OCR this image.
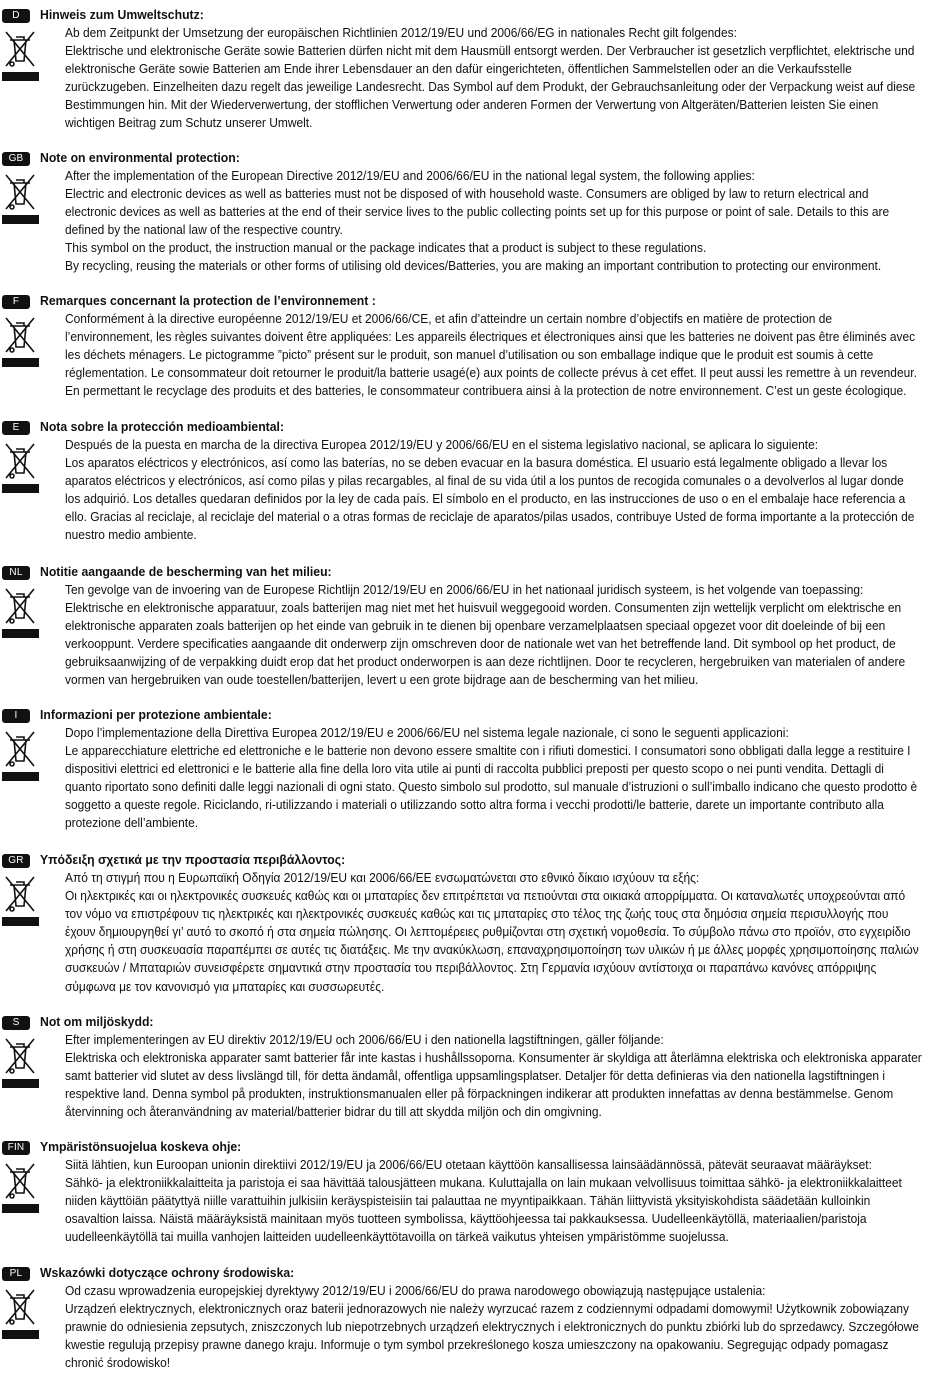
D	Hinweis zum Umweltschutz:

Ab dem Zeitpunkt der Umsetzung der europäischen Richtlinien 2012/19/EU und 2006/66/EG in nationales Recht gilt folgendes:

Elektrische und elektronische Geräte sowie Batterien dürfen nicht mit dem Hausmüll entsorgt werden. Der Verbraucher ist gesetzlich verpflichtet, elektrische und elektronische Geräte sowie Batterien am Ende ihrer Lebensdauer an den dafür eingerichteten, öffentlichen Sammelstellen oder an die Verkaufsstelle zurückzugeben. Einzelheiten dazu regelt das jeweilige Landesrecht. Das Symbol auf dem Produkt, der Gebrauchsanleitung oder der Verpackung weist auf diese Bestimmungen hin. Mit der Wiederverwertung, der stofflichen Verwertung oder anderen Formen der Verwertung von Altgeräten/Batterien leisten Sie einen wichtigen Beitrag zum Schutz unserer Umwelt.

GB	Note on environmental protection:

After the implementation of the European Directive 2012/19/EU and 2006/66/EU in the national legal system, the following applies:

Electric and electronic devices as well as batteries must not be disposed of with household waste. Consumers are obliged by law to return electrical and electronic devices as well as batteries at the end of their service lives to the public collecting points set up for this purpose or point of sale. Details to this are defined by the national law of the respective country.

This symbol on the product, the instruction manual or the package indicates that a product is subject to these regulations.

By recycling, reusing the materials or other forms of utilising old devices/Batteries, you are making an important contribution to protecting our environment.

F	Remarques concernant la protection de l’environnement :

Conformément à la directive européenne 2012/19/EU et 2006/66/CE, et afin d’atteindre un certain nombre d’objectifs en matière de protection de l’environnement, les règles suivantes doivent être appliquées: Les appareils électriques et électroniques ainsi que les batteries ne doivent pas être éliminés avec les déchets ménagers. Le pictogramme ”picto” présent sur le produit, son manuel d’utilisation ou son emballage indique que le produit est soumis à cette réglementation. Le consommateur doit retourner le produit/la batterie usagé(e) aux points de collecte prévus à cet effet. Il peut aussi les remettre à un revendeur. En permettant le recyclage des produits et des batteries, le consommateur contribuera ainsi à la protection de notre environnement. C’est un geste écologique.

E	Nota sobre la protección medioambiental:

Después de la puesta en marcha de la directiva Europea 2012/19/EU y 2006/66/EU en el sistema legislativo nacional, se aplicara lo siguiente:

Los aparatos eléctricos y electrónicos, así como las baterías, no se deben evacuar en la basura doméstica. El usuario está legalmente obligado a llevar los aparatos eléctricos y electrónicos, así como pilas y pilas recargables, al final de su vida útil a los puntos de recogida comunales o a devolverlos al lugar donde los adquirió. Los detalles quedaran definidos por la ley de cada país. El símbolo en el producto, en las instrucciones de uso o en el embalaje hace referencia a ello. Gracias al reciclaje, al reciclaje del material o a otras formas de reciclaje de aparatos/pilas usados, contribuye Usted de forma importante a la protección de nuestro medio ambiente.

NL	Notitie aangaande de bescherming van het milieu:

Ten gevolge van de invoering van de Europese Richtlijn 2012/19/EU en 2006/66/EU in het nationaal juridisch systeem, is het volgende van toepassing:

Elektrische en elektronische apparatuur, zoals batterijen mag niet met het huisvuil weggegooid worden. Consumenten zijn wettelijk verplicht om elektrische en elektronische apparaten zoals batterijen op het einde van gebruik in te dienen bij openbare verzamelplaatsen speciaal opgezet voor dit doeleinde of bij een verkooppunt. Verdere specificaties aangaande dit onderwerp zijn omschreven door de nationale wet van het betreffende land. Dit symbool op het product, de gebruiksaanwijzing of de verpakking duidt erop dat het product onderworpen is aan deze richtlijnen. Door te recycleren, hergebruiken van materialen of andere vormen van hergebruiken van oude toestellen/batterijen, levert u een grote bijdrage aan de bescherming van het milieu.

I	Informazioni per protezione ambientale:

Dopo l’implementazione della Direttiva Europea 2012/19/EU e 2006/66/EU nel sistema legale nazionale, ci sono le seguenti applicazioni:

Le apparecchiature elettriche ed elettroniche e le batterie non devono essere smaltite con i rifiuti domestici. I consumatori sono obbligati dalla legge a restituire I dispositivi elettrici ed elettronici e le batterie alla fine della loro vita utile ai punti di raccolta pubblici preposti per questo scopo o nei punti vendita. Dettagli di quanto riportato sono definiti dalle leggi nazionali di ogni stato. Questo simbolo sul prodotto, sul manuale d’istruzioni o sull’imballo indicano che questo prodotto è soggetto a queste regole. Riciclando, ri-utilizzando i materiali o utilizzando sotto altra forma i vecchi prodotti/le batterie, darete un importante contributo alla protezione dell’ambiente.

GR	Υπόδειξη σχετικά με την προστασία περιβάλλοντος:

Από τη στιγμή που η Ευρωπαϊκή Οδηγία 2012/19/EU και 2006/66/ΕΕ ενσωματώνεται στο εθνικό δίκαιο ισχύουν τα εξής:

Οι ηλεκτρικές και οι ηλεκτρονικές συσκευές καθώς και οι μπαταρίες δεν επιτρέπεται να πετιούνται στα οικιακά απορρίμματα. Οι καταναλωτές υποχρεούνται από τον νόμο να επιστρέφουν τις ηλεκτρικές και ηλεκτρονικές συσκευές καθώς και τις μπαταρίες στο τέλος της ζωής τους στα δημόσια σημεία περισυλλογής που έχουν δημιουργηθεί γι’ αυτό το σκοπό ή στα σημεία πώλησης. Οι λεπτομέρειες ρυθμίζονται στη σχετική νομοθεσία. Το σύμβολο πάνω στο προϊόν, στο εγχειρίδιο χρήσης ή στη συσκευασία παραπέμπει σε αυτές τις διατάξεις. Με την ανακύκλωση, επαναχρησιμοποίηση των υλικών ή με άλλες μορφές χρησιμοποίησης παλιών συσκευών / Μπαταριών συνεισφέρετε σημαντικά στην προστασία του περιβάλλοντος. Στη Γερμανία ισχύουν αντίστοιχα οι παραπάνω κανόνες απόρριψης σύμφωνα με τον κανονισμό για μπαταρίες και συσσωρευτές.

S	Not om miljöskydd:

Efter implementeringen av EU direktiv 2012/19/EU och 2006/66/EU i den nationella lagstiftningen, gäller följande:

Elektriska och elektroniska apparater samt batterier får inte kastas i hushållssoporna. Konsumenter är skyldiga att återlämna elektriska och elektroniska apparater samt batterier vid slutet av dess livslängd till, för detta ändamål, offentliga uppsamlingsplatser. Detaljer för detta definieras via den nationella lagstiftningen i respektive land. Denna symbol på produkten, instruktionsmanualen eller på förpackningen indikerar att produkten innefattas av denna bestämmelse. Genom återvinning och återanvändning av material/batterier bidrar du till att skydda miljön och din omgivning.

FIN	Ympäristönsuojelua koskeva ohje:

Siitä lähtien, kun Euroopan unionin direktiivi 2012/19/EU ja 2006/66/EU otetaan käyttöön kansallisessa lainsäädännössä, pätevät seuraavat määräykset:

Sähkö- ja elektroniikkalaitteita ja paristoja ei saa hävittää talousjätteen mukana. Kuluttajalla on lain mukaan velvollisuus toimittaa sähkö- ja elektroniikkalaitteet niiden käyttöiän päätyttyä niille varattuihin julkisiin keräyspisteisiin tai palauttaa ne myyntipaikkaan. Tähän liittyvistä yksityiskohdista säädetään kulloinkin osavaltion laissa. Näistä määräyksistä mainitaan myös tuotteen symbolissa, käyttöohjeessa tai pakkauksessa. Uudelleenkäytöllä, materiaalien/paristoja uudelleenkäytöllä tai muilla vanhojen laitteiden uudelleenkäyttötavoilla on tärkeä vaikutus yhteisen ympäristömme suojelussa.

PL	Wskazówki dotyczące ochrony środowiska:

Od czasu wprowadzenia europejskiej dyrektywy 2012/19/EU i 2006/66/EU do prawa narodowego obowiązują następujące ustalenia:

Urządzeń elektrycznych, elektronicznych oraz baterii jednorazowych nie należy wyrzucać razem z codziennymi odpadami domowymi! Użytkownik zobowiązany prawnie do odniesienia zepsutych, zniszczonych lub niepotrzebnych urządzeń elektrycznych i elektronicznych do punktu zbiórki lub do sprzedawcy. Szczegółowe kwestie regulują przepisy prawne danego kraju. Informuje o tym symbol przekreślonego kosza umieszczony na opakowaniu. Segregując odpady pomagasz chronić środowisko!
